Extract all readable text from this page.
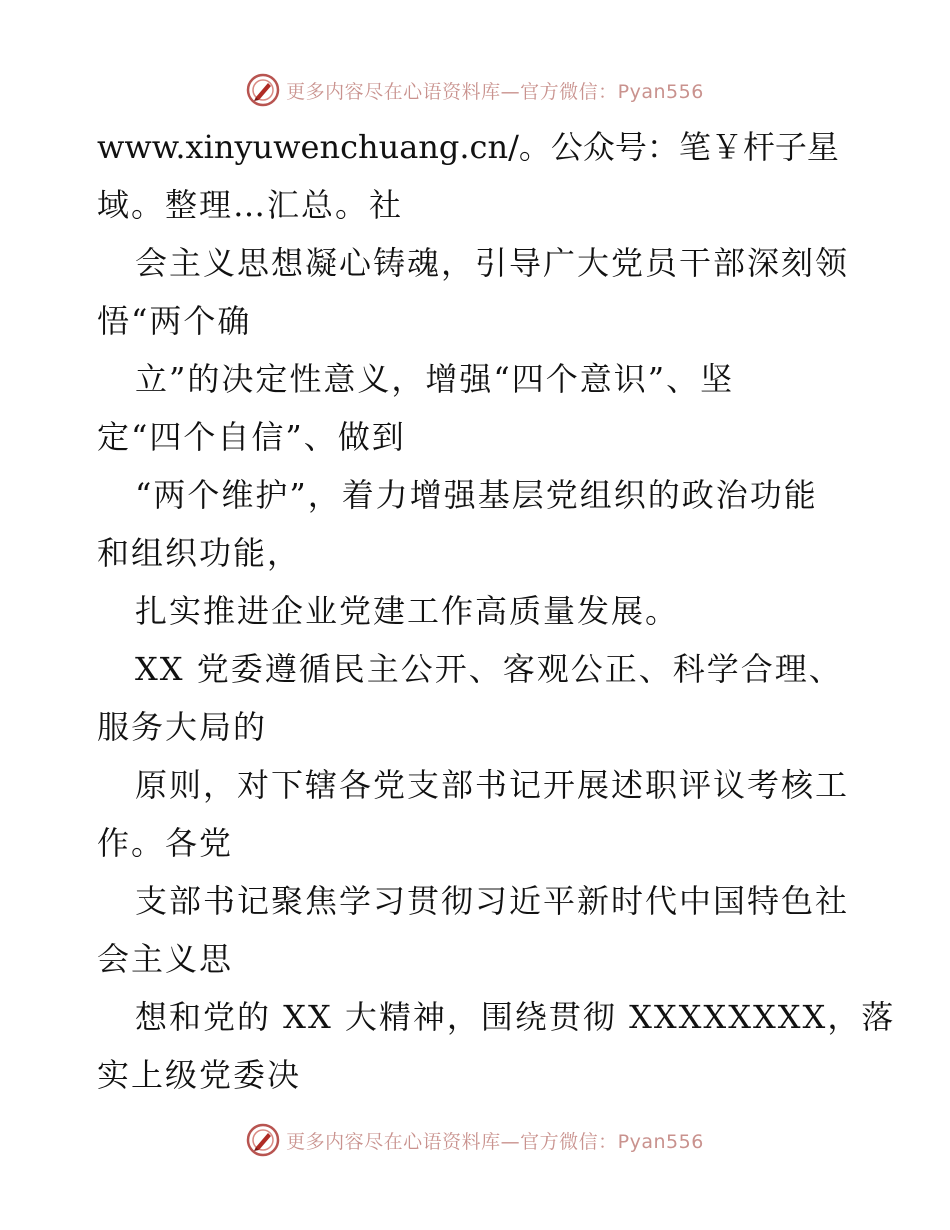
更多内容尽在心语资料库—官方微信：Pyan556
www.xinyuwenchuang.cn/。公众号：笔￥杆子星
域。整理…汇总。社
会主义思想凝心铸魂，引导广大党员干部深刻领
悟“两个确
立”的决定性意义，增强“四个意识”、坚
定“四个自信”、做到
“两个维护”，着力增强基层党组织的政治功能
和组织功能，
扎实推进企业党建工作高质量发展。
XX 党委遵循民主公开、客观公正、科学合理、
服务大局的
原则，对下辖各党支部书记开展述职评议考核工
作。各党
支部书记聚焦学习贯彻习近平新时代中国特色社
会主义思
想和党的 XX 大精神，围绕贯彻 XXXXXXXX，落
实上级党委决
更多内容尽在心语资料库—官方微信：Pyan556
